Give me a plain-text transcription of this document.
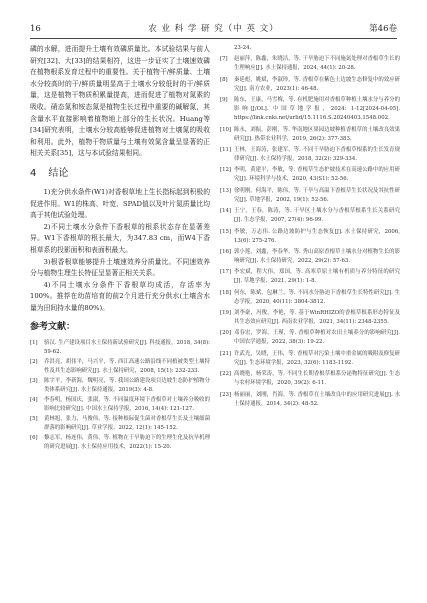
16	农 业 科 学 研 究（中 英 文）	第46卷

磷的水解，进而提升土壤有效磷质量比。本试验结果与前人研究[32]、大[33]的结果相符，这进一步证实了土壤速效磷在植物根系发育过程中的重要性。关于植物干/鲜质量、土壤水分较高时的干/鲜质量明显高于土壤水分较低时的干/鲜质量，这是植物干物质积累量提高，进而促进了植物对氮素的吸收。硝态氮和铵态氮是植物生长过程中重要的碱解氮，其含量水平直接影响着植物地上部分的生长状况。Huang等[34]研究表明，土壤水分较高能够促进植物对土壤氮的吸收和利用。此外，植物干物质量与土壤有效氮含量呈显著的正相关关系[35]，这与本试验结果相同。

4 结论

1)充分供水条件(W1)对香根草地上生长指标起到积极的促进作用。W1的株高、叶宽、SPAD值以及叶片氮质量比均高于其他试验处理。

2)不同土壤水分条件下香根草的根系状态存在显著差异。W1下香根草的根长最大，为347.83 cm，而W4下香根草系的投影面积和表面积最大。

3)根香根草能够提升土壤速效养分质量比。不同速效养分与植物生理生长特征呈显著正相关关系。

4)不同土壤水分条件下香根草均成活，存活率为100%。推荐在幼苗培育的前2个月进行充分供水(土壤含水量为田间持水量的80%)。

参考文献：
[1]	骆汉. 生产建设项目水土保持新试验研究[J]. 科技通报，2018, 34(8): 59-62.
[2]	乔洪亮，胡伟平，马兴平，等. 西江高速公路沿线不同植被类型土壤特性及其生态影响研究[J]. 水土保持研究，2008, 15(1): 232-233.
[3]	陈宇平，李新海，魏明亮，等. 我国公路建设项目边坡生态防护植物分类体系研究[J]. 水土保持通报，2019(3): 4-8.
[4]	李春明，杨国庆，张淑，等. 不同温度环境下香根草对土壤养分吸收的影响比较研究[J]. 中国水土保持学报，2016, 14(4): 121-127.
[5]	黄林旭，张力，马俊伟，等. 接种根际促生菌对香根草生长及土壤细菌群落的影响研究[J]. 草业学报，2022, 12(1): 145-152.
[6]	黎志军，杨连伟，黄伟，等. 植物在干旱胁迫下的生理生化及抗旱机理的研究进展[J]. 水土保持应用技术，2022(1): 15-20.
23-24.
[7]	赵丽萍，陈鑫，朱晓洁，等. 干旱胁迫下不同施氮处理对香根草生长的生理响应[J]. 水土保持通报，2024, 44(1): 20-28.
[8]	秦延彪，姚斌，李淑珍，等. 香根草在紫色土边坡生态修复中的效应研究[J]. 南方农业，2023(1): 46-48.
[9]	陈东，王康，马雪梅，等. 有机肥施用对香根草种植土壤水分与养分的影响[J/OL]. 中国草地学报，2024: 1-12[2024-04-05]. https://link.cnki.net/urlid/15.1116.S.20240403.1548.002.
[10] 陈永，刘振，彭刚，等. 华南地区果园边坡种植香根草的土壤改良效果研究[J]. 热带农业科学，2019, 26(2): 377-383.
[11] 王林，王海涛，张建军，等. 不同干旱胁迫下香根草根系的生长发育规律研究[J]. 水土保持学报，2018, 32(2): 329-334.
[12] 李明，黄建平，李敏，等. 香根草生态护坡技术在高速公路中的应用研究[J]. 环境科学与技术，2020, 43(S1): 52-56.
[13] 徐明刚，何海平，陈伟，等. 干旱与高温下香根草生长状况及其抗性研究[J]. 草地学报，2002, 19(1): 52-56.
[14] 王宁，王春，陈涛，等. 干旱区土壤水分与香根草根系生长关系研究[J]. 生态学报，2007, 27(4): 96-99.
[15] 李敏，万志伟. 公路边坡防护与生态恢复[J]. 水土保持研究，2006, 13(6): 275-276.
[16] 郭小莲，刘鑫，李春华，等. 秀山高原香根草土壤水分对植物生长的影响研究[J]. 水土保持研究，2022, 29(2): 57-63.
[17] 李宏斌，程大伟，郑国，等. 高寒草原土壤有机质与养分特征的研究[J]. 草地学报，2021, 29(1): 1-8.
[18] 何东，陈斌，包琳兰，等. 不同水分胁迫下香根草生长特性研究[J]. 生态学报，2020, 40(11): 3804-3812.
[19] 刘李豪，冯俊，李艳，等. 基于WinRHIZO的香根草根系形态特征及其生态效应研究[J]. 西南农业学报，2021, 34(11): 2348-2355.
[20] 邓春宏，罗海，王瑾，等. 香根草种植对农田土壤养分的影响研究[J]. 中国农学通报，2022, 38(3): 19-22.
[21] 许武光，吴晓，王伟，等. 香根草对污染土壤中重金属的吸附及修复研究[J]. 生态环境学报，2023, 32(6): 1183-1192.
[22] 高晓艳，杨荣涛，等. 不同生长期香根草根系分泌物特征研究[J]. 生态与农村环境学报，2020, 39(2): 6-11.
[23] 杨丽丽，刘刚，肖海，等. 香根草在土壤改良中的应用研究进展[J]. 水土保持通报，2014, 34(2): 48-52.
